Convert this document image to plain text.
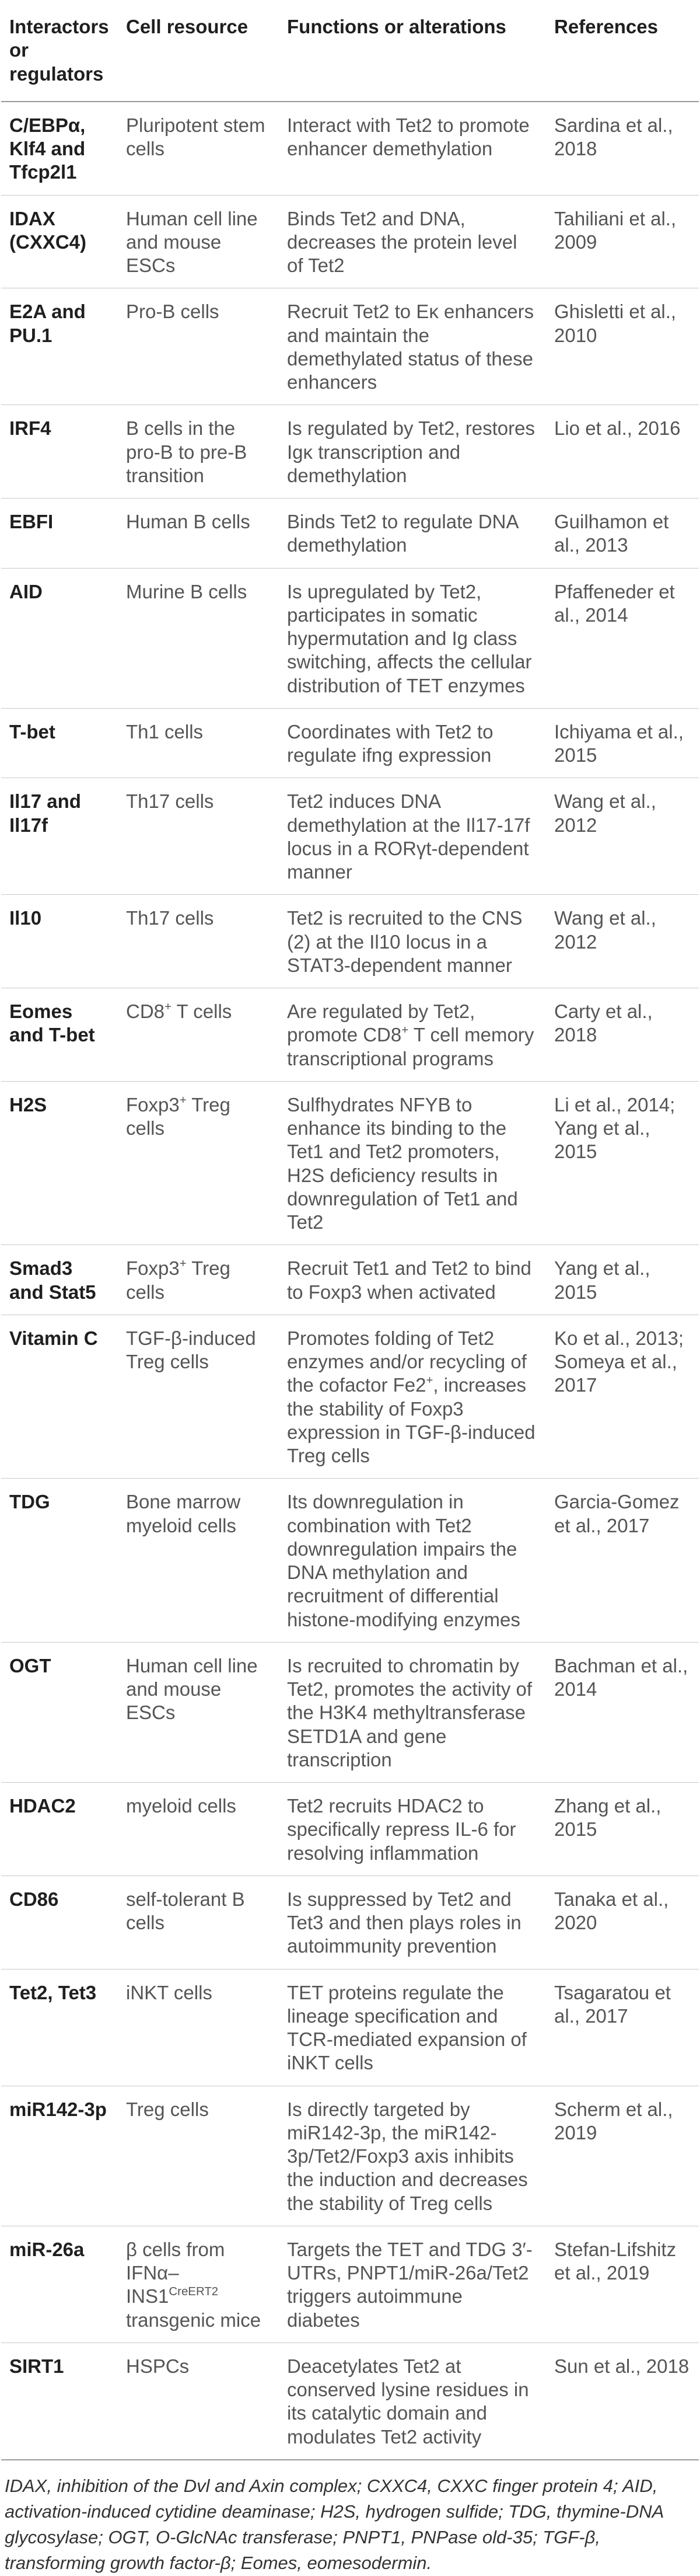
Interactors or regulators	Cell resource	Functions or alterations	References
C/EBPα, Klf4 and Tfcp2l1	Pluripotent stem cells	Interact with Tet2 to promote enhancer demethylation	Sardina et al., 2018
IDAX (CXXC4)	Human cell line and mouse ESCs	Binds Tet2 and DNA, decreases the protein level of Tet2	Tahiliani et al., 2009
E2A and PU.1	Pro-B cells	Recruit Tet2 to Eκ enhancers and maintain the demethylated status of these enhancers	Ghisletti et al., 2010
IRF4	B cells in the pro-B to pre-B transition	Is regulated by Tet2, restores Igκ transcription and demethylation	Lio et al., 2016
EBFI	Human B cells	Binds Tet2 to regulate DNA demethylation	Guilhamon et al., 2013
AID	Murine B cells	Is upregulated by Tet2, participates in somatic hypermutation and Ig class switching, affects the cellular distribution of TET enzymes	Pfaffeneder et al., 2014
T-bet	Th1 cells	Coordinates with Tet2 to regulate ifng expression	Ichiyama et al., 2015
Il17 and Il17f	Th17 cells	Tet2 induces DNA demethylation at the Il17-17f locus in a RORγt-dependent manner	Wang et al., 2012
Il10	Th17 cells	Tet2 is recruited to the CNS (2) at the Il10 locus in a STAT3-dependent manner	Wang et al., 2012
Eomes and T-bet	CD8+ T cells	Are regulated by Tet2, promote CD8+ T cell memory transcriptional programs	Carty et al., 2018
H2S	Foxp3+ Treg cells	Sulfhydrates NFYB to enhance its binding to the Tet1 and Tet2 promoters, H2S deficiency results in downregulation of Tet1 and Tet2	Li et al., 2014; Yang et al., 2015
Smad3 and Stat5	Foxp3+ Treg cells	Recruit Tet1 and Tet2 to bind to Foxp3 when activated	Yang et al., 2015
Vitamin C	TGF-β-induced Treg cells	Promotes folding of Tet2 enzymes and/or recycling of the cofactor Fe2+, increases the stability of Foxp3 expression in TGF-β-induced Treg cells	Ko et al., 2013; Someya et al., 2017
TDG	Bone marrow myeloid cells	Its downregulation in combination with Tet2 downregulation impairs the DNA methylation and recruitment of differential histone-modifying enzymes	Garcia-Gomez et al., 2017
OGT	Human cell line and mouse ESCs	Is recruited to chromatin by Tet2, promotes the activity of the H3K4 methyltransferase SETD1A and gene transcription	Bachman et al., 2014
HDAC2	myeloid cells	Tet2 recruits HDAC2 to specifically repress IL-6 for resolving inflammation	Zhang et al., 2015
CD86	self-tolerant B cells	Is suppressed by Tet2 and Tet3 and then plays roles in autoimmunity prevention	Tanaka et al., 2020
Tet2, Tet3	iNKT cells	TET proteins regulate the lineage specification and TCR-mediated expansion of iNKT cells	Tsagaratou et al., 2017
miR142-3p	Treg cells	Is directly targeted by miR142-3p, the miR142-3p/Tet2/Foxp3 axis inhibits the induction and decreases the stability of Treg cells	Scherm et al., 2019
miR-26a	β cells from IFNα–$INS1^{CreERT2}$ transgenic mice	Targets the TET and TDG 3′-UTRs, PNPT1/miR-26a/Tet2 triggers autoimmune diabetes	Stefan-Lifshitz et al., 2019
SIRT1	HSPCs	Deacetylates Tet2 at conserved lysine residues in its catalytic domain and modulates Tet2 activity	Sun et al., 2018
IDAX, inhibition of the Dvl and Axin complex; CXXC4, CXXC finger protein 4; AID, activation-induced cytidine deaminase; H2S, hydrogen sulfide; TDG, thymine-DNA glycosylase; OGT, O-GlcNAc transferase; PNPT1, PNPase old-35; TGF-β, transforming growth factor-β; Eomes, eomesodermin.
